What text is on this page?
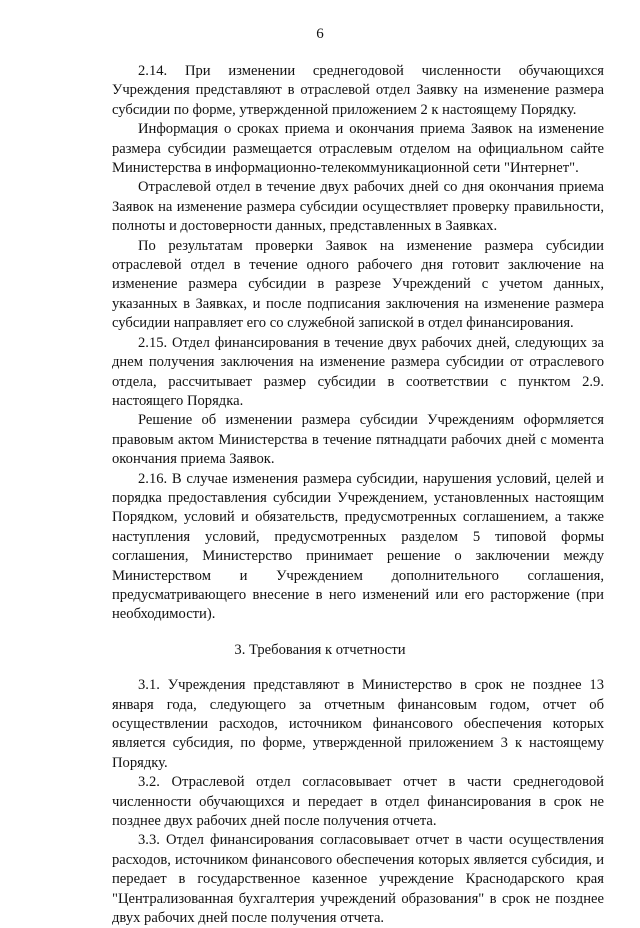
6

2.14. При изменении среднегодовой численности обучающихся Учреждения представляют в отраслевой отдел Заявку на изменение размера субсидии по форме, утвержденной приложением 2 к настоящему Порядку.

Информация о сроках приема и окончания приема Заявок на изменение размера субсидии размещается отраслевым отделом на официальном сайте Министерства в информационно-телекоммуникационной сети "Интернет".

Отраслевой отдел в течение двух рабочих дней со дня окончания приема Заявок на изменение размера субсидии осуществляет проверку правильности, полноты и достоверности данных, представленных в Заявках.

По результатам проверки Заявок на изменение размера субсидии отраслевой отдел в течение одного рабочего дня готовит заключение на изменение размера субсидии в разрезе Учреждений с учетом данных, указанных в Заявках, и после подписания заключения на изменение размера субсидии направляет его со служебной запиской в отдел финансирования.

2.15. Отдел финансирования в течение двух рабочих дней, следующих за днем получения заключения на изменение размера субсидии от отраслевого отдела, рассчитывает размер субсидии в соответствии с пунктом 2.9. настоящего Порядка.

Решение об изменении размера субсидии Учреждениям оформляется правовым актом Министерства в течение пятнадцати рабочих дней с момента окончания приема Заявок.

2.16. В случае изменения размера субсидии, нарушения условий, целей и порядка предоставления субсидии Учреждением, установленных настоящим Порядком, условий и обязательств, предусмотренных соглашением, а также наступления условий, предусмотренных разделом 5 типовой формы соглашения, Министерство принимает решение о заключении между Министерством и Учреждением дополнительного соглашения, предусматривающего внесение в него изменений или его расторжение (при необходимости).

3. Требования к отчетности

3.1. Учреждения представляют в Министерство в срок не позднее 13 января года, следующего за отчетным финансовым годом, отчет об осуществлении расходов, источником финансового обеспечения которых является субсидия, по форме, утвержденной приложением 3 к настоящему Порядку.

3.2. Отраслевой отдел согласовывает отчет в части среднегодовой численности обучающихся и передает в отдел финансирования в срок не позднее двух рабочих дней после получения отчета.

3.3. Отдел финансирования согласовывает отчет в части осуществления расходов, источником финансового обеспечения которых является субсидия, и передает в государственное казенное учреждение Краснодарского края "Централизованная бухгалтерия учреждений образования" в срок не позднее двух рабочих дней после получения отчета.
